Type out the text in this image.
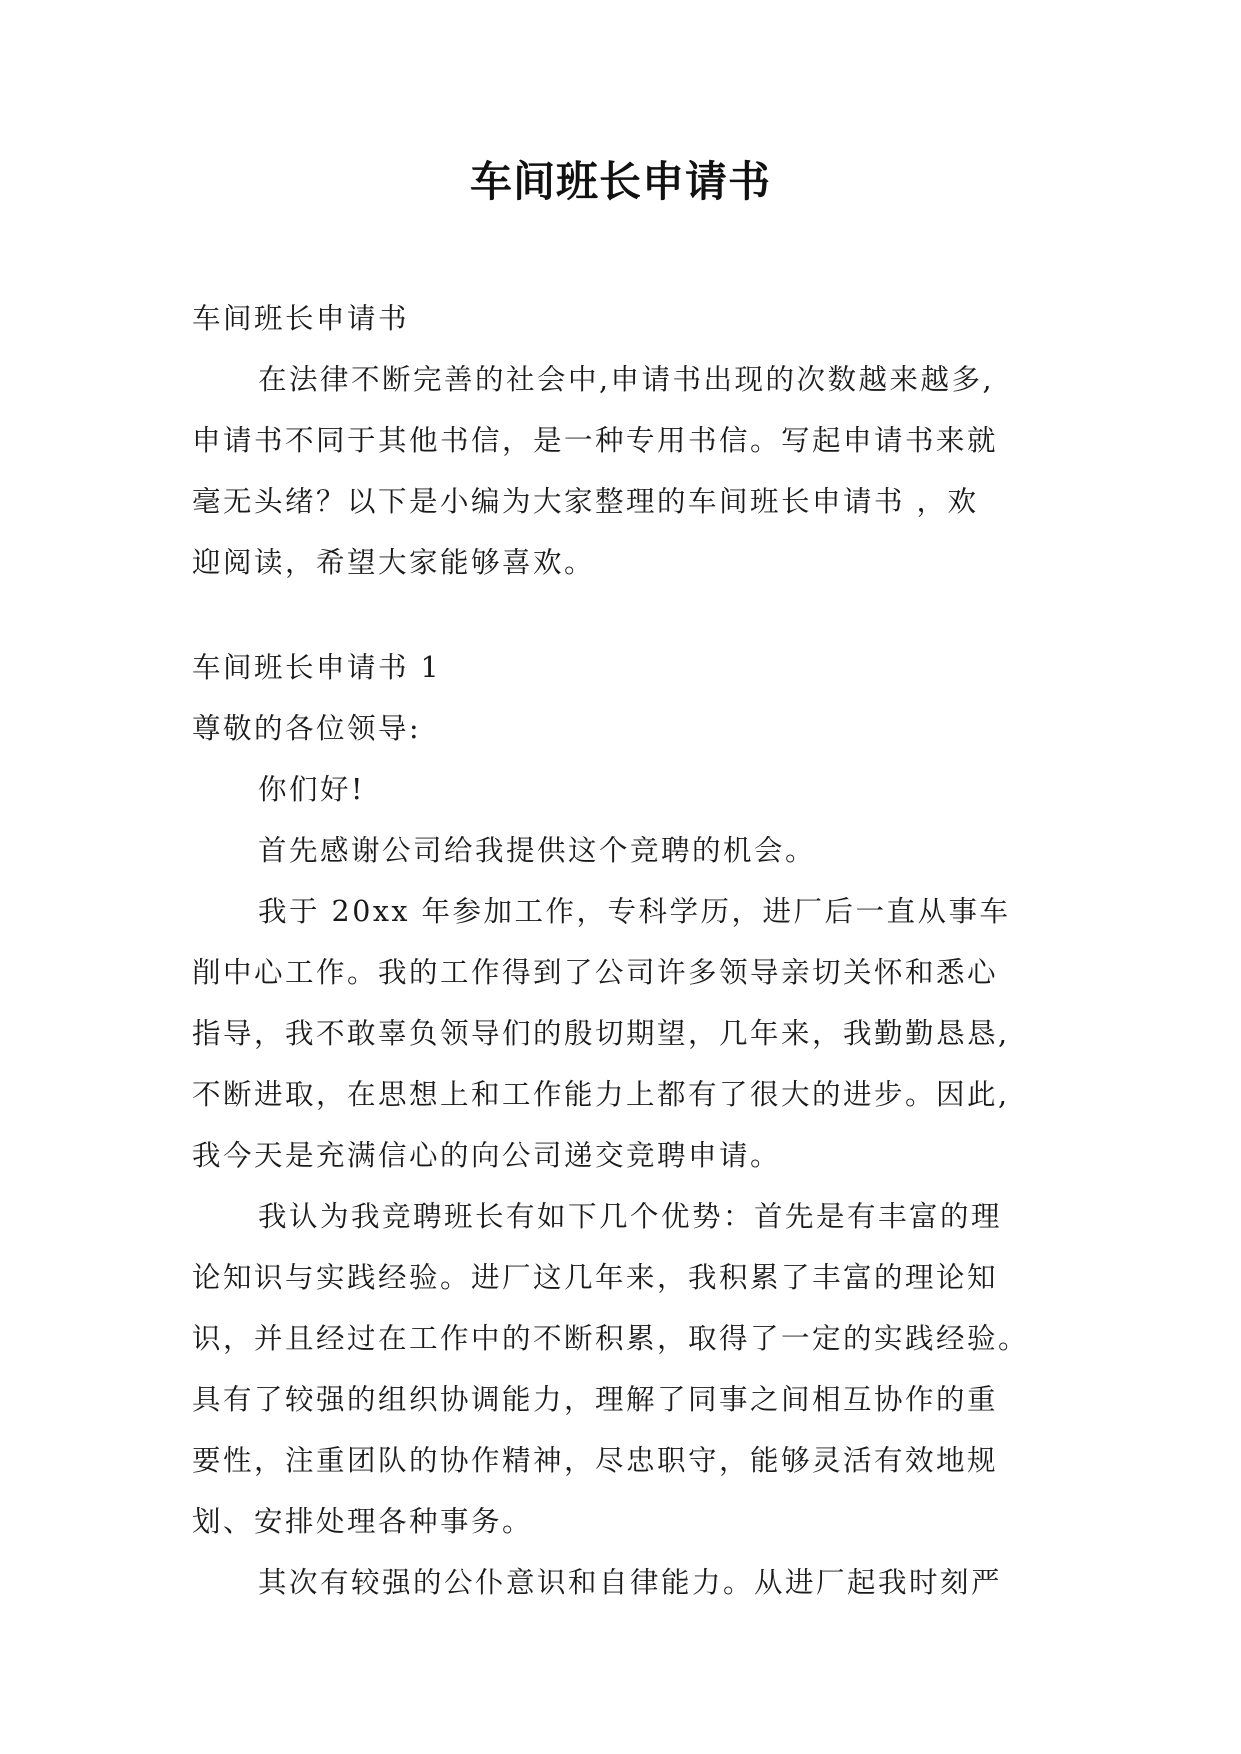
车间班长申请书
车间班长申请书
在法律不断完善的社会中,申请书出现的次数越来越多,
申请书不同于其他书信，是一种专用书信。写起申请书来就
毫无头绪？以下是小编为大家整理的车间班长申请书 ，欢
迎阅读，希望大家能够喜欢。
车间班长申请书 1
尊敬的各位领导:
你们好!
首先感谢公司给我提供这个竞聘的机会。
我于 20xx 年参加工作，专科学历，进厂后一直从事车
削中心工作。我的工作得到了公司许多领导亲切关怀和悉心
指导，我不敢辜负领导们的殷切期望，几年来，我勤勤恳恳,
不断进取，在思想上和工作能力上都有了很大的进步。因此,
我今天是充满信心的向公司递交竞聘申请。
我认为我竞聘班长有如下几个优势：首先是有丰富的理
论知识与实践经验。进厂这几年来，我积累了丰富的理论知
识，并且经过在工作中的不断积累，取得了一定的实践经验。
具有了较强的组织协调能力，理解了同事之间相互协作的重
要性，注重团队的协作精神，尽忠职守，能够灵活有效地规
划、安排处理各种事务。
其次有较强的公仆意识和自律能力。从进厂起我时刻严
